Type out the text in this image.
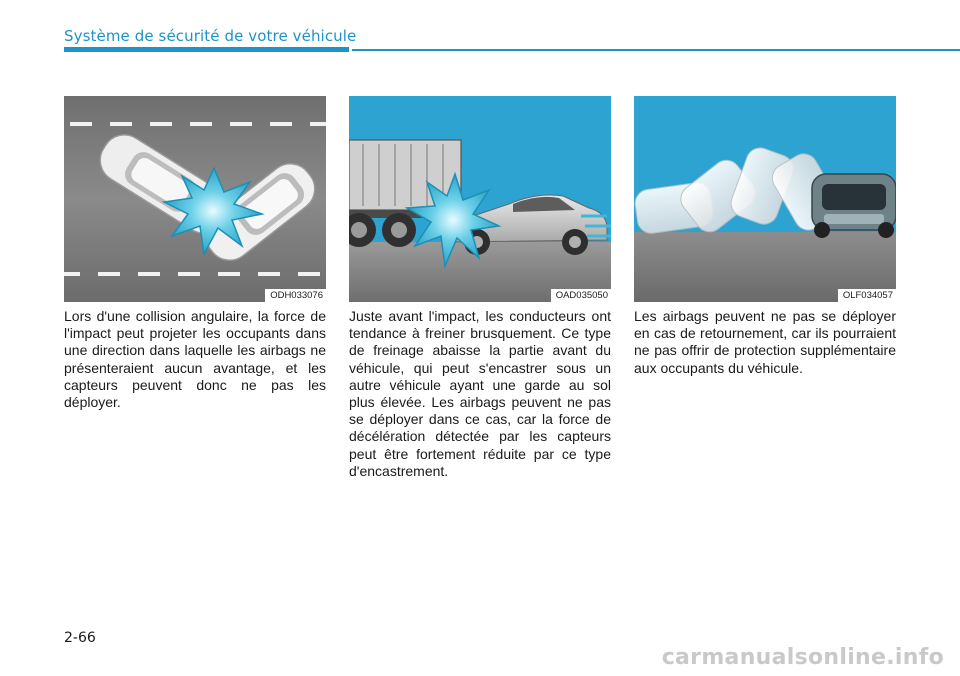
Système de sécurité de votre véhicule
ODH033076	OAD035050	OLF034057
Lors d'une collision angulaire, la force de l'impact peut projeter les occupants dans une direction dans laquelle les airbags ne présenteraient aucun avantage, et les capteurs peuvent donc ne pas les déployer.
Juste avant l'impact, les conducteurs ont tendance à freiner brusquement. Ce type de freinage abaisse la partie avant du véhicule, qui peut s'encastrer sous un autre véhicule ayant une garde au sol plus élevée. Les airbags peuvent ne pas se déployer dans ce cas, car la force de décélération détectée par les capteurs peut être fortement réduite par ce type d'encastrement.
Les airbags peuvent ne pas se déployer en cas de retournement, car ils pourraient ne pas offrir de protection supplémentaire aux occupants du véhicule.
2-66
carmanualsonline.info
